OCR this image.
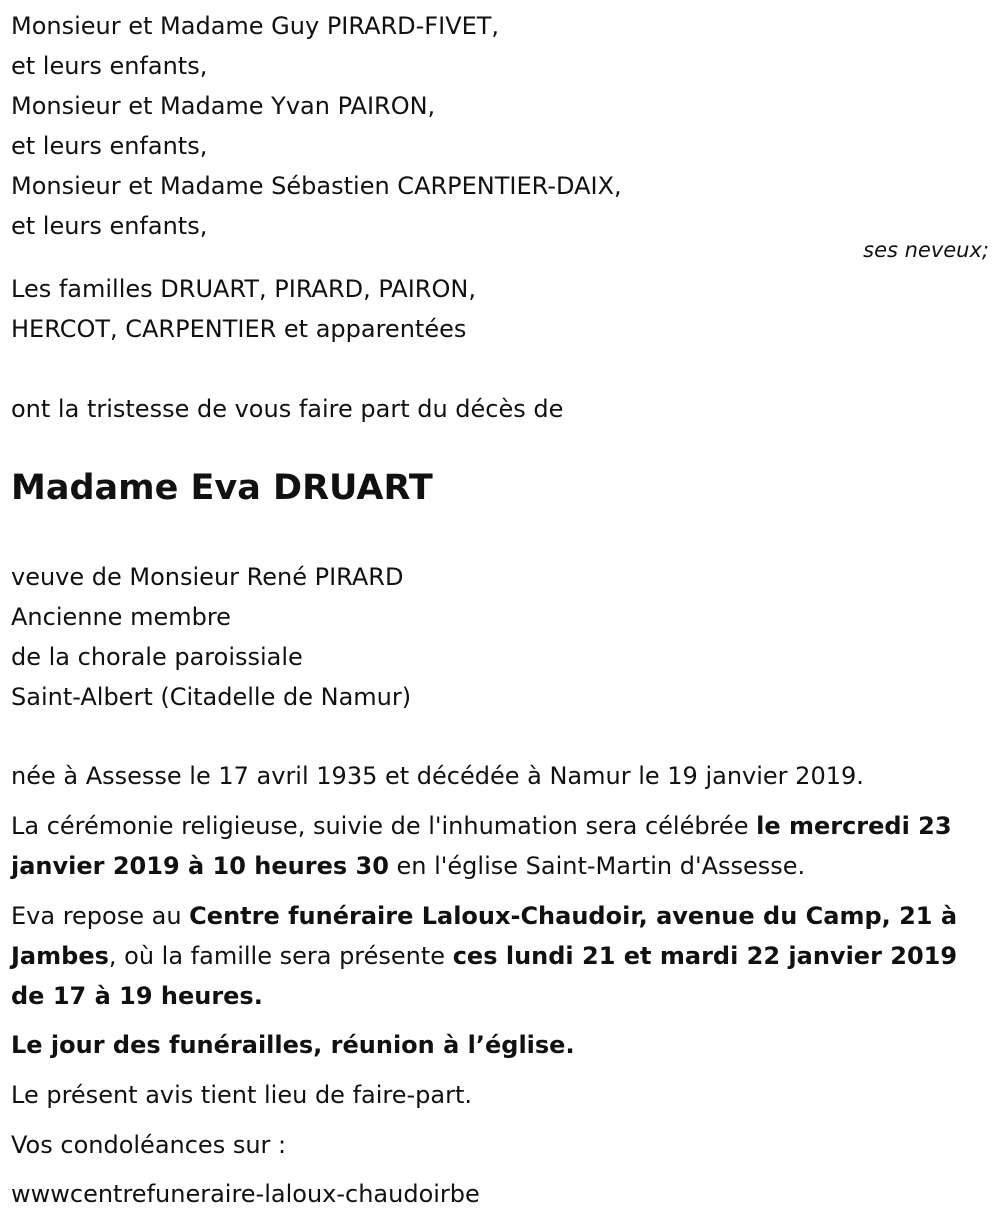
Monsieur et Madame Guy PIRARD-FIVET,

et leurs enfants,

Monsieur et Madame Yvan PAIRON,

et leurs enfants,

Monsieur et Madame Sébastien CARPENTIER-DAIX,

et leurs enfants,

ses neveux;

Les familles DRUART, PIRARD, PAIRON,

HERCOT, CARPENTIER et apparentées

ont la tristesse de vous faire part du décès de

Madame Eva DRUART

veuve de Monsieur René PIRARD

Ancienne membre

de la chorale paroissiale

Saint-Albert (Citadelle de Namur)

née à Assesse le 17 avril 1935 et décédée à Namur le 19 janvier 2019.

La cérémonie religieuse, suivie de l'inhumation sera célébrée le mercredi 23 janvier 2019 à 10 heures 30 en l'église Saint-Martin d'Assesse.

Eva repose au Centre funéraire Laloux-Chaudoir, avenue du Camp, 21 à Jambes, où la famille sera présente ces lundi 21 et mardi 22 janvier 2019 de 17 à 19 heures.

Le jour des funérailles, réunion à l’église.

Le présent avis tient lieu de faire-part.

Vos condoléances sur :

wwwcentrefuneraire-laloux-chaudoirbe
